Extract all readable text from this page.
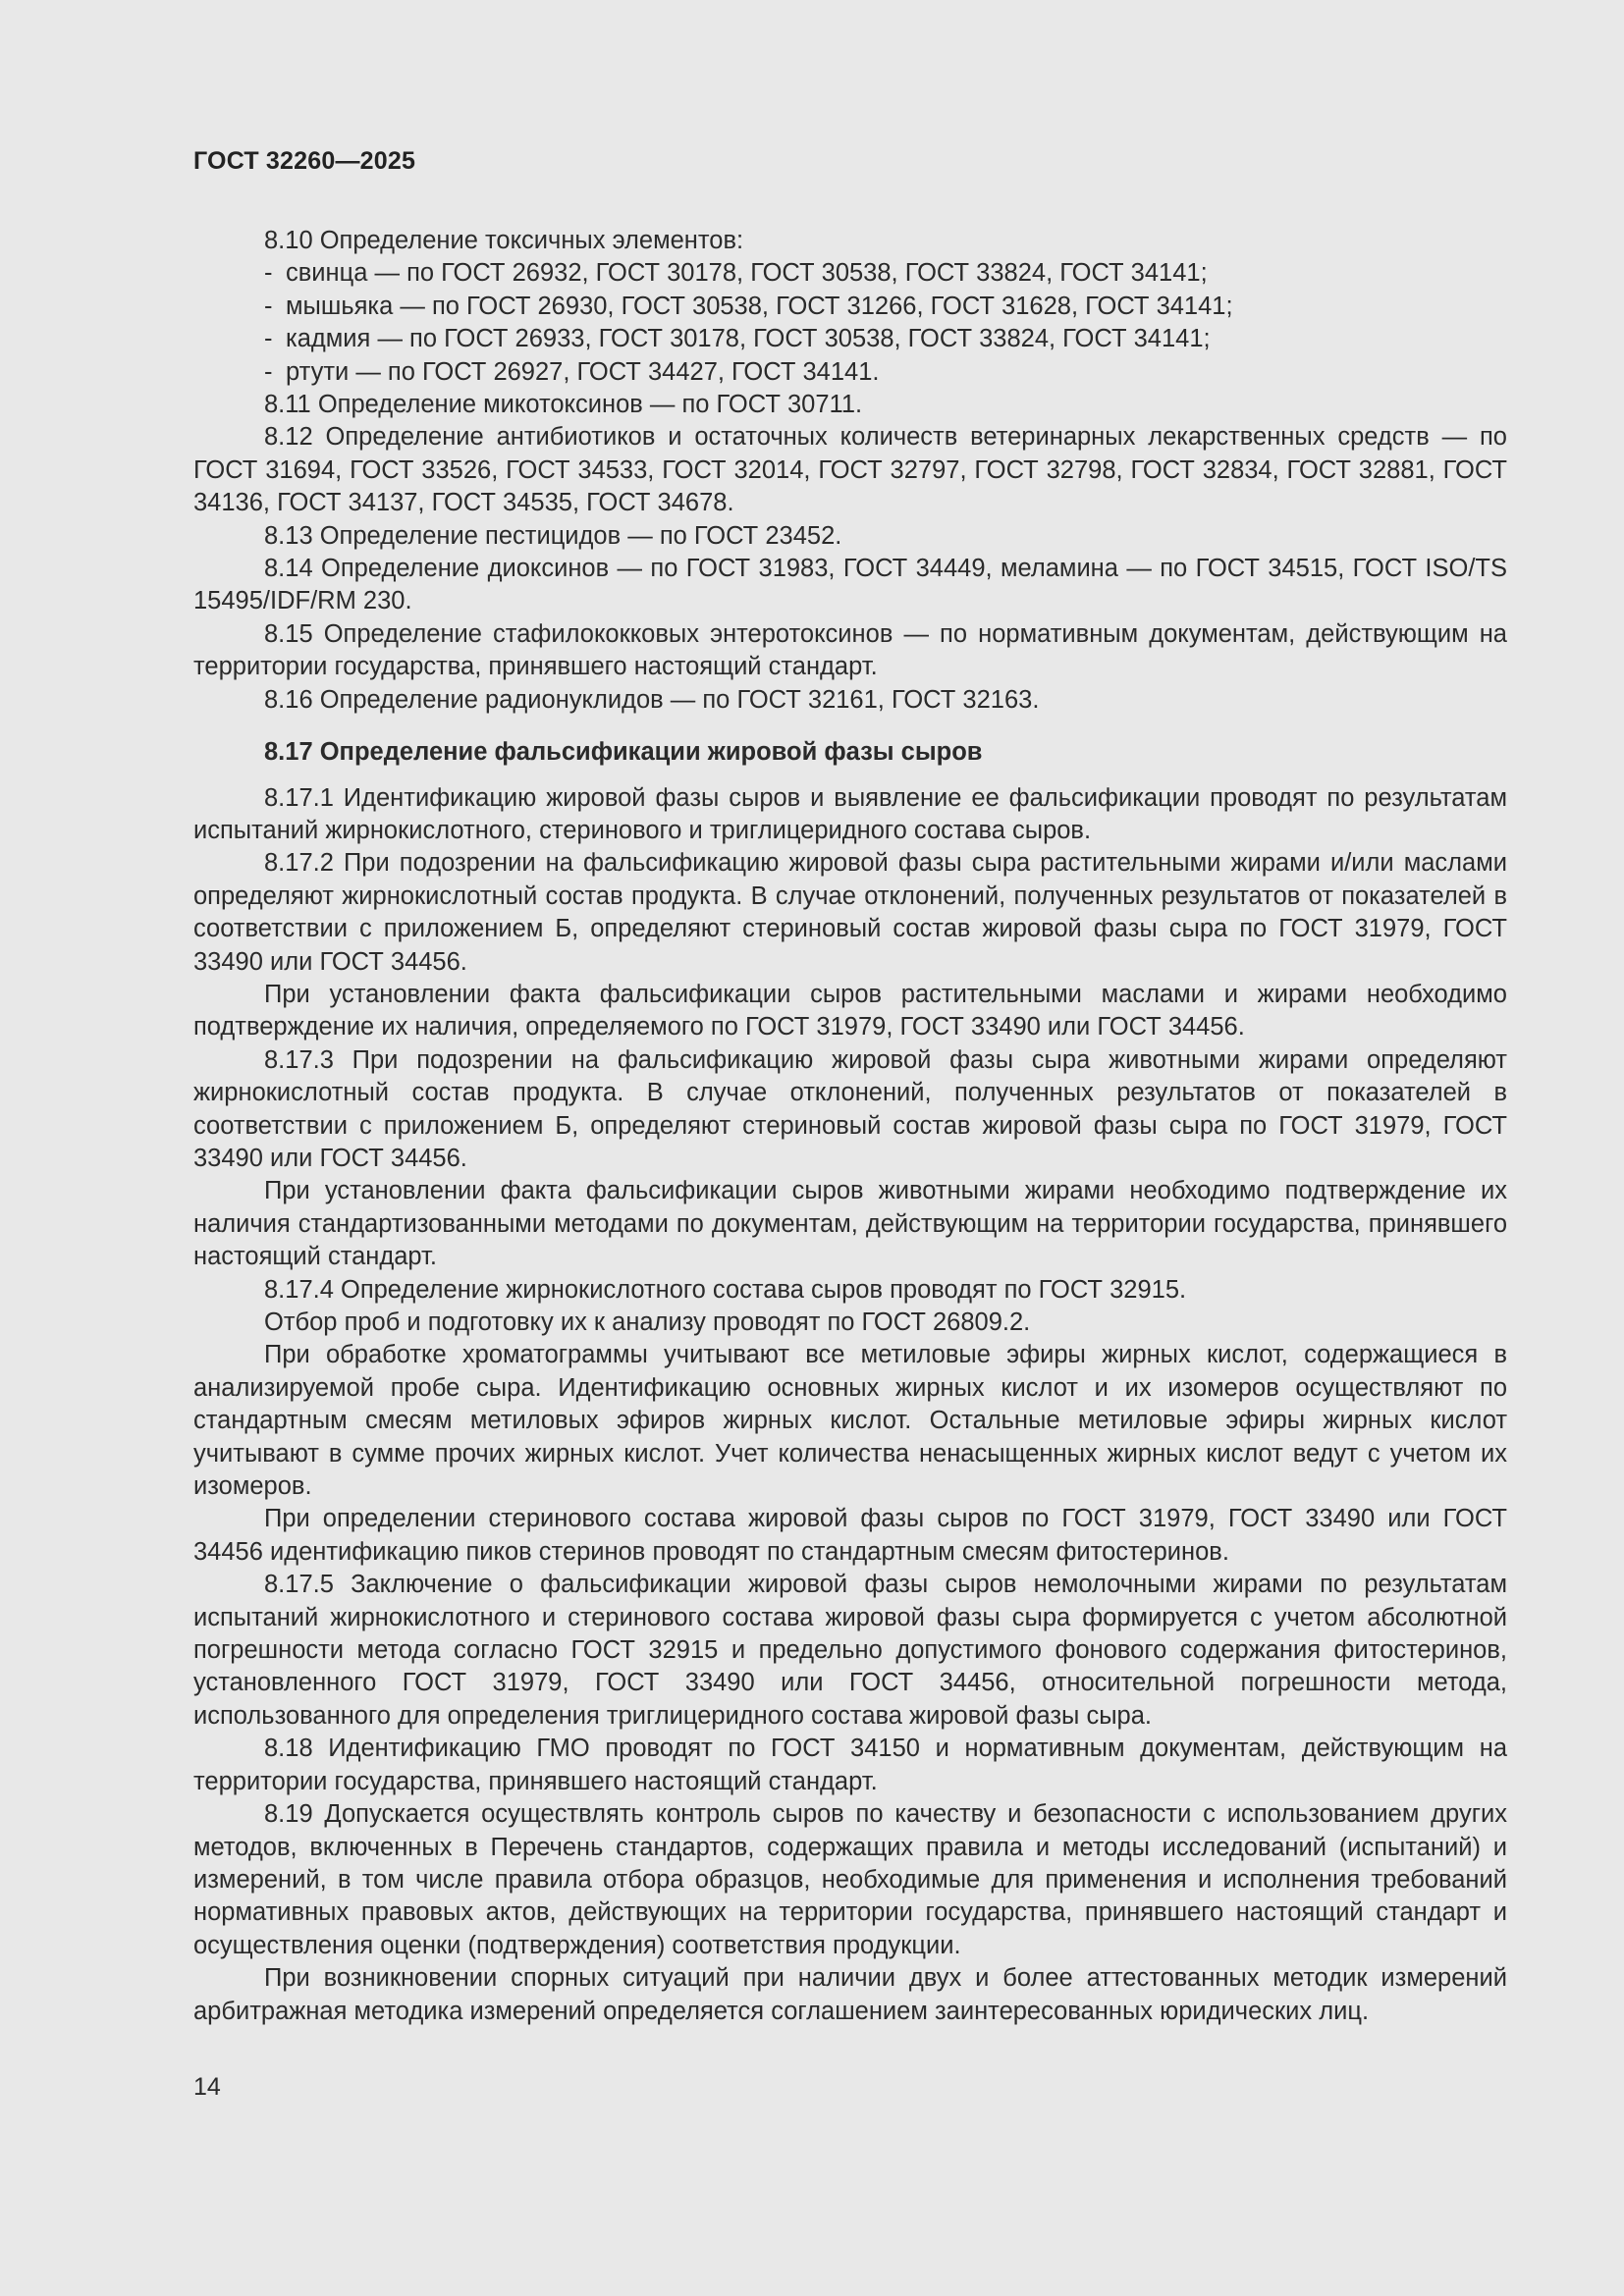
ГОСТ 32260—2025

8.10 Определение токсичных элементов:

- свинца — по ГОСТ 26932, ГОСТ 30178, ГОСТ 30538, ГОСТ 33824, ГОСТ 34141;

- мышьяка — по ГОСТ 26930, ГОСТ 30538, ГОСТ 31266, ГОСТ 31628, ГОСТ 34141;

- кадмия — по ГОСТ 26933, ГОСТ 30178, ГОСТ 30538, ГОСТ 33824, ГОСТ 34141;

- ртути — по ГОСТ 26927, ГОСТ 34427, ГОСТ 34141.

8.11 Определение микотоксинов — по ГОСТ 30711.

8.12 Определение антибиотиков и остаточных количеств ветеринарных лекарственных средств — по ГОСТ 31694, ГОСТ 33526, ГОСТ 34533, ГОСТ 32014, ГОСТ 32797, ГОСТ 32798, ГОСТ 32834, ГОСТ 32881, ГОСТ 34136, ГОСТ 34137, ГОСТ 34535, ГОСТ 34678.

8.13 Определение пестицидов — по ГОСТ 23452.

8.14 Определение диоксинов — по ГОСТ 31983, ГОСТ 34449, меламина — по ГОСТ 34515, ГОСТ ISO/TS 15495/IDF/RM 230.

8.15 Определение стафилококковых энтеротоксинов — по нормативным документам, действующим на территории государства, принявшего настоящий стандарт.

8.16 Определение радионуклидов — по ГОСТ 32161, ГОСТ 32163.

8.17 Определение фальсификации жировой фазы сыров

8.17.1 Идентификацию жировой фазы сыров и выявление ее фальсификации проводят по результатам испытаний жирнокислотного, стеринового и триглицеридного состава сыров.

8.17.2 При подозрении на фальсификацию жировой фазы сыра растительными жирами и/или маслами определяют жирнокислотный состав продукта. В случае отклонений, полученных результатов от показателей в соответствии с приложением Б, определяют стериновый состав жировой фазы сыра по ГОСТ 31979, ГОСТ 33490 или ГОСТ 34456.

При установлении факта фальсификации сыров растительными маслами и жирами необходимо подтверждение их наличия, определяемого по ГОСТ 31979, ГОСТ 33490 или ГОСТ 34456.

8.17.3 При подозрении на фальсификацию жировой фазы сыра животными жирами определяют жирнокислотный состав продукта. В случае отклонений, полученных результатов от показателей в соответствии с приложением Б, определяют стериновый состав жировой фазы сыра по ГОСТ 31979, ГОСТ 33490 или ГОСТ 34456.

При установлении факта фальсификации сыров животными жирами необходимо подтверждение их наличия стандартизованными методами по документам, действующим на территории государства, принявшего настоящий стандарт.

8.17.4 Определение жирнокислотного состава сыров проводят по ГОСТ 32915.

Отбор проб и подготовку их к анализу проводят по ГОСТ 26809.2.

При обработке хроматограммы учитывают все метиловые эфиры жирных кислот, содержащиеся в анализируемой пробе сыра. Идентификацию основных жирных кислот и их изомеров осуществляют по стандартным смесям метиловых эфиров жирных кислот. Остальные метиловые эфиры жирных кислот учитывают в сумме прочих жирных кислот. Учет количества ненасыщенных жирных кислот ведут с учетом их изомеров.

При определении стеринового состава жировой фазы сыров по ГОСТ 31979, ГОСТ 33490 или ГОСТ 34456 идентификацию пиков стеринов проводят по стандартным смесям фитостеринов.

8.17.5 Заключение о фальсификации жировой фазы сыров немолочными жирами по результатам испытаний жирнокислотного и стеринового состава жировой фазы сыра формируется с учетом абсолютной погрешности метода согласно ГОСТ 32915 и предельно допустимого фонового содержания фитостеринов, установленного ГОСТ 31979, ГОСТ 33490 или ГОСТ 34456, относительной погрешности метода, использованного для определения триглицеридного состава жировой фазы сыра.

8.18 Идентификацию ГМО проводят по ГОСТ 34150 и нормативным документам, действующим на территории государства, принявшего настоящий стандарт.

8.19 Допускается осуществлять контроль сыров по качеству и безопасности с использованием других методов, включенных в Перечень стандартов, содержащих правила и методы исследований (испытаний) и измерений, в том числе правила отбора образцов, необходимые для применения и исполнения требований нормативных правовых актов, действующих на территории государства, принявшего настоящий стандарт и осуществления оценки (подтверждения) соответствия продукции.

При возникновении спорных ситуаций при наличии двух и более аттестованных методик измерений арбитражная методика измерений определяется соглашением заинтересованных юридических лиц.

14
